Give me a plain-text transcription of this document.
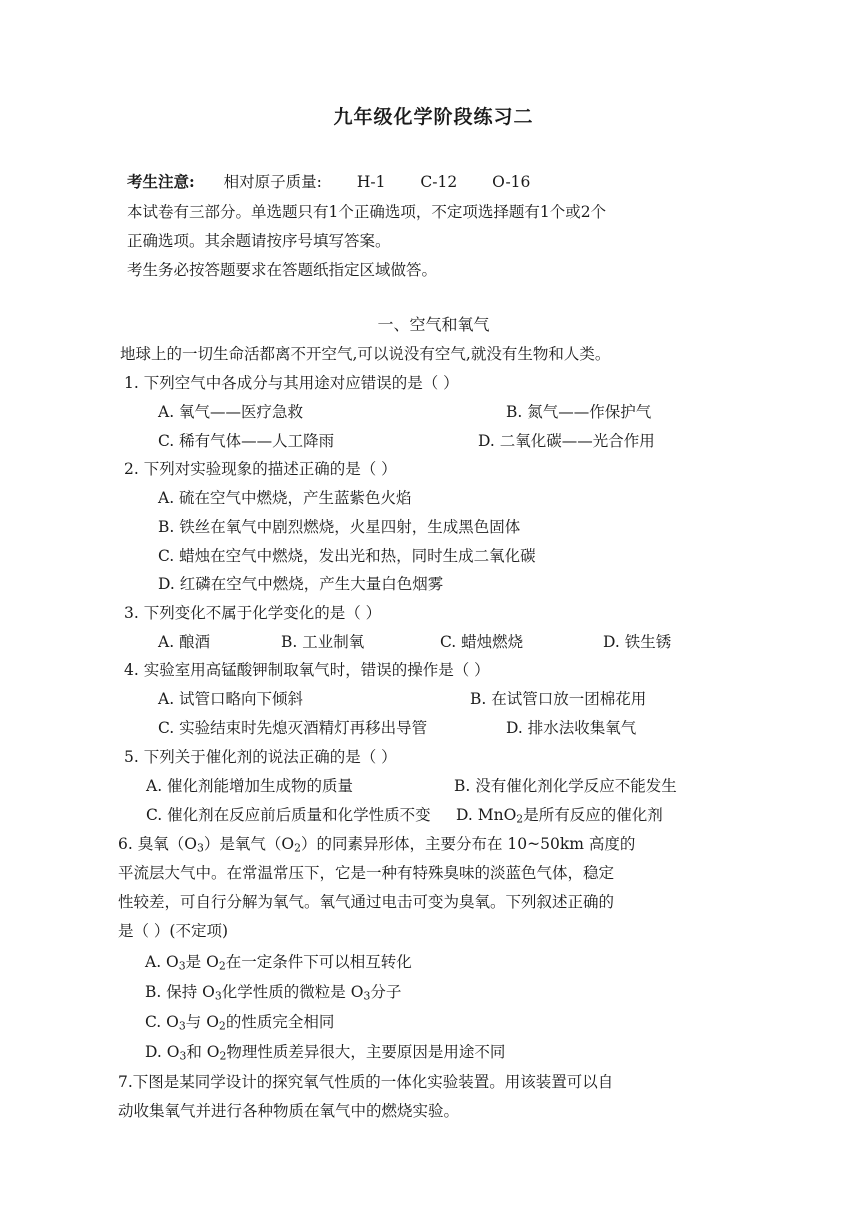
九年级化学阶段练习二
考生注意: 相对原子质量: H-1 C-12 O-16
本试卷有三部分。单选题只有1个正确选项，不定项选择题有1个或2个
正确选项。其余题请按序号填写答案。
考生务必按答题要求在答题纸指定区域做答。
一、空气和氧气
地球上的一切生命活都离不开空气,可以说没有空气,就没有生物和人类。
1. 下列空气中各成分与其用途对应错误的是（ ）
A. 氧气——医疗急救	B. 氮气——作保护气
C. 稀有气体——人工降雨	D. 二氧化碳——光合作用
2. 下列对实验现象的描述正确的是（ ）
A. 硫在空气中燃烧，产生蓝紫色火焰
B. 铁丝在氧气中剧烈燃烧，火星四射，生成黑色固体
C. 蜡烛在空气中燃烧，发出光和热，同时生成二氧化碳
D. 红磷在空气中燃烧，产生大量白色烟雾
3. 下列变化不属于化学变化的是（ ）
A. 酿酒	B. 工业制氧	C. 蜡烛燃烧	D. 铁生锈
4. 实验室用高锰酸钾制取氧气时，错误的操作是（ ）
A. 试管口略向下倾斜	B. 在试管口放一团棉花用
C. 实验结束时先熄灭酒精灯再移出导管	D. 排水法收集氧气
5. 下列关于催化剂的说法正确的是（ ）
A. 催化剂能增加生成物的质量	B. 没有催化剂化学反应不能发生
C. 催化剂在反应前后质量和化学性质不变 D. MnO$_2$是所有反应的催化剂
6. 臭氧$(O_3)$是氧气$(O_2)$的同素异形体，主要分布在 10~50km 高度的
平流层大气中。在常温常压下，它是一种有特殊臭味的淡蓝色气体，稳定
性较差，可自行分解为氧气。氧气通过电击可变为臭氧。下列叙述正确的
是（ ）(不定项)
A. $O_3$是 $O_2$在一定条件下可以相互转化
B. 保持 $O_3$化学性质的微粒是 $O_3$分子
C. $O_3$与 $O_2$的性质完全相同
D. $O_3$和 $O_2$物理性质差异很大，主要原因是用途不同
7.下图是某同学设计的探究氧气性质的一体化实验装置。用该装置可以自
动收集氧气并进行各种物质在氧气中的燃烧实验。
